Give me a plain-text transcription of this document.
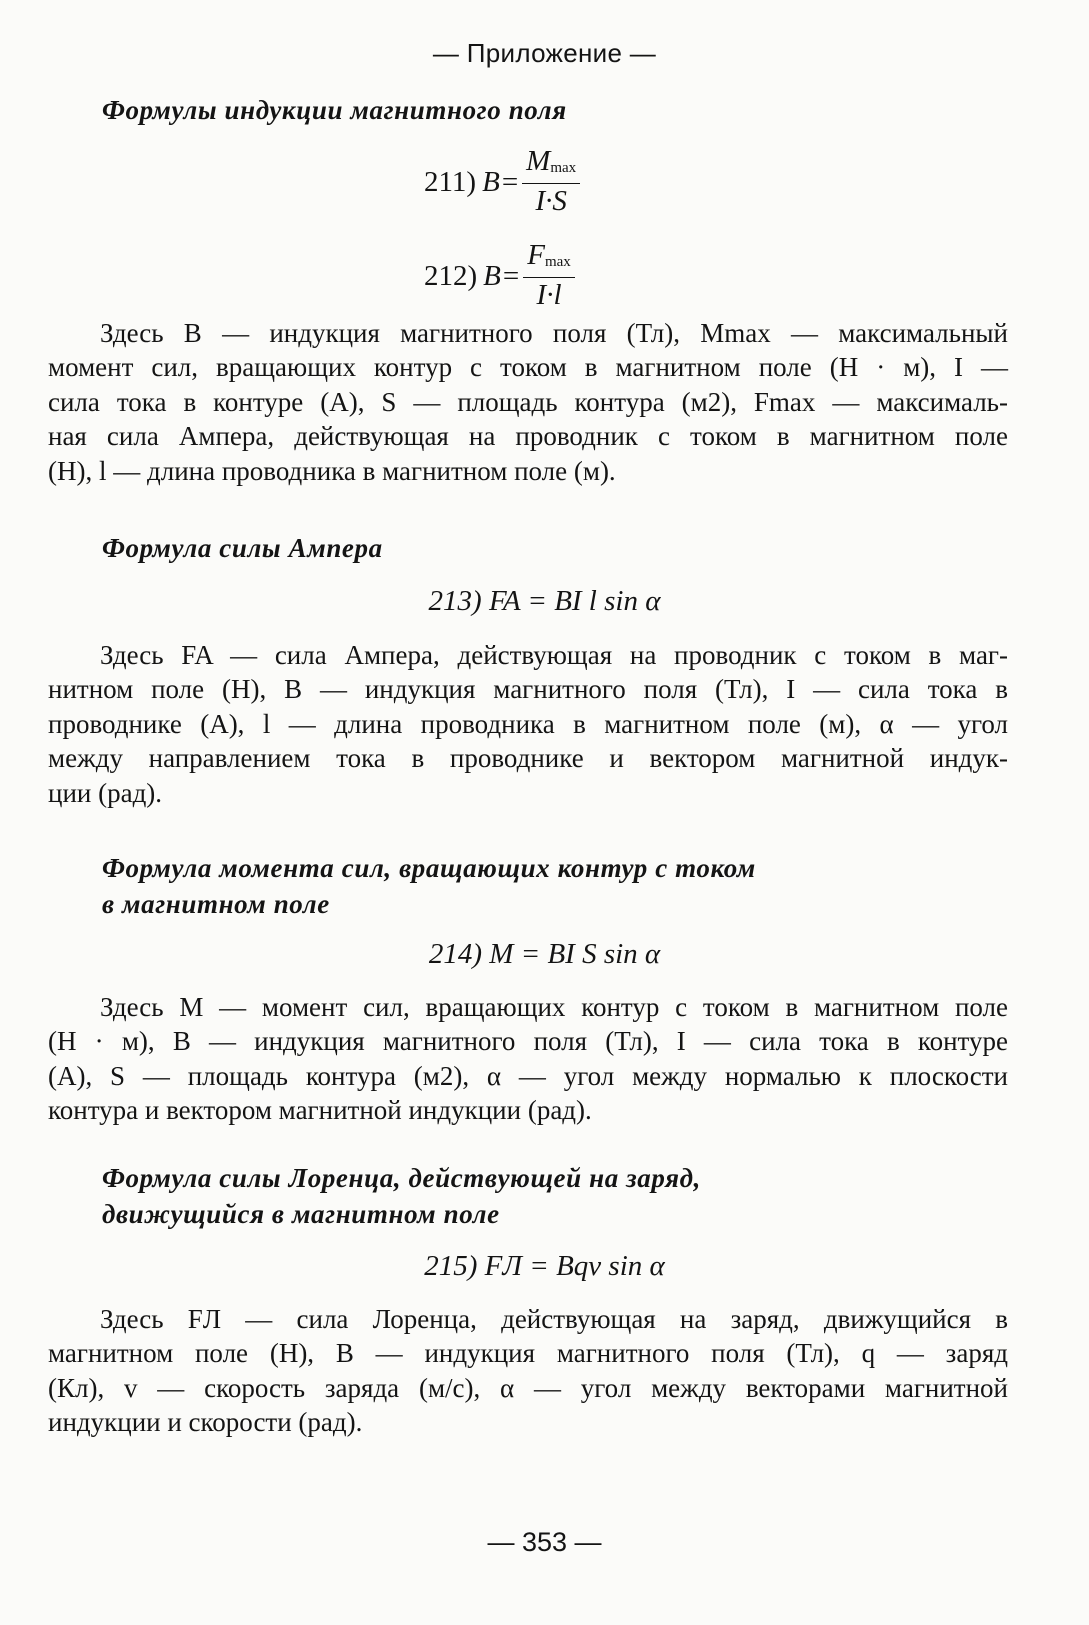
— Приложение —
Формулы индукции магнитного поля
211) $B = \frac{Mmax}{I\cdot S}$
212) $B = \frac{Fmax}{I\cdot l}$
Здесь B — индукция магнитного поля (Тл), Mmax — максимальный
момент сил, вращающих контур с током в магнитном поле (Н · м), I —
сила тока в контуре (А), S — площадь контура (м2), Fmax — максималь-
ная сила Ампера, действующая на проводник с током в магнитном поле
(Н), l — длина проводника в магнитном поле (м).
Формула силы Ампера
213) FA = BI l sin α
Здесь FA — сила Ампера, действующая на проводник с током в маг-
нитном поле (Н), B — индукция магнитного поля (Тл), I — сила тока в
проводнике (А), l — длина проводника в магнитном поле (м), α — угол
между направлением тока в проводнике и вектором магнитной индук-
ции (рад).
Формула момента сил, вращающих контур с током
в магнитном поле
214) M = BI S sin α
Здесь M — момент сил, вращающих контур с током в магнитном поле
(Н · м), B — индукция магнитного поля (Тл), I — сила тока в контуре
(А), S — площадь контура (м2), α — угол между нормалью к плоскости
контура и вектором магнитной индукции (рад).
Формула силы Лоренца, действующей на заряд,
движущийся в магнитном поле
215) FЛ = Bqv sin α
Здесь FЛ — сила Лоренца, действующая на заряд, движущийся в
магнитном поле (Н), B — индукция магнитного поля (Тл), q — заряд
(Кл), v — скорость заряда (м/с), α — угол между векторами магнитной
индукции и скорости (рад).
— 353 —
